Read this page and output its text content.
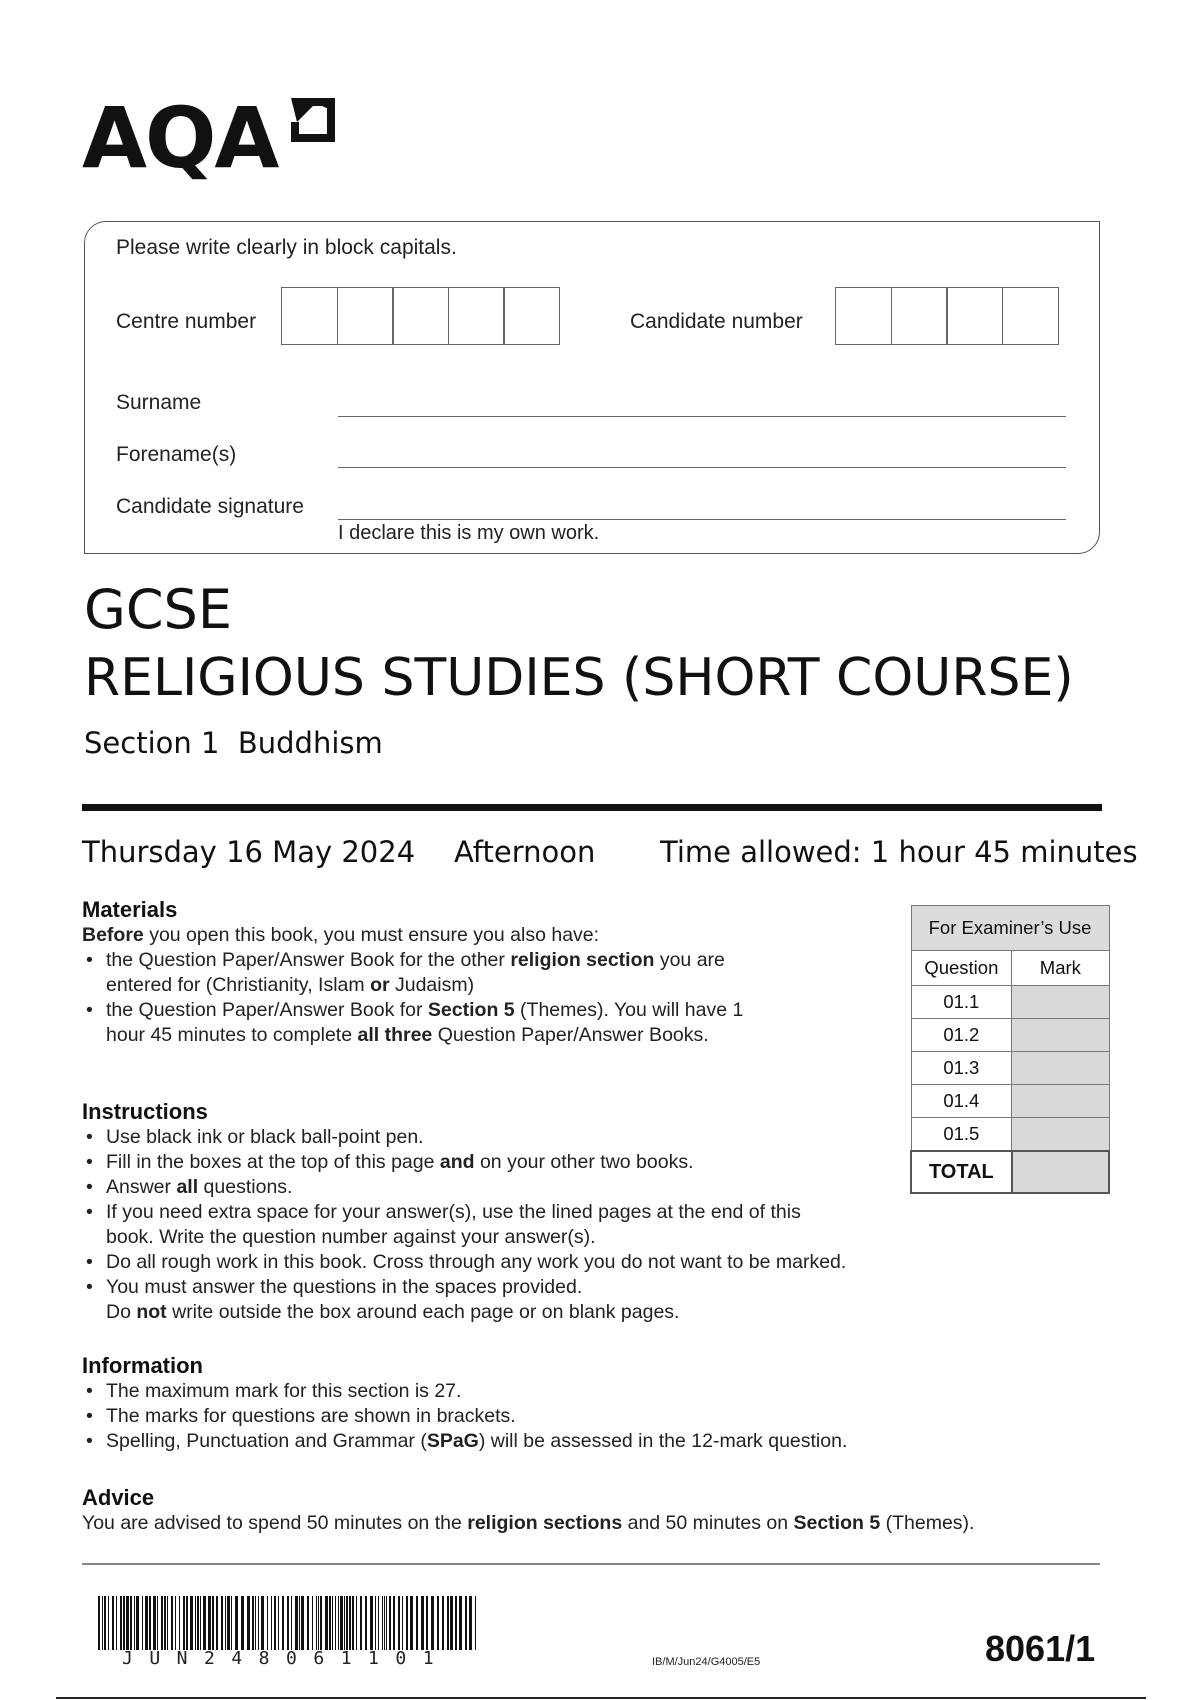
AQA
Please write clearly in block capitals.
Centre number	Candidate number
Surname
Forename(s)
Candidate signature
I declare this is my own work.
GCSE
RELIGIOUS STUDIES (SHORT COURSE)
Section 1  Buddhism
Thursday 16 May 2024 Afternoon Time allowed: 1 hour 45 minutes
Materials
Before you open this book, you must ensure you also have:
• the Question Paper/Answer Book for the other religion section you are entered for (Christianity, Islam or Judaism)
• the Question Paper/Answer Book for Section 5 (Themes). You will have 1 hour 45 minutes to complete all three Question Paper/Answer Books.
Instructions
• Use black ink or black ball-point pen.
• Fill in the boxes at the top of this page and on your other two books.
• Answer all questions.
• If you need extra space for your answer(s), use the lined pages at the end of this book. Write the question number against your answer(s).
• Do all rough work in this book. Cross through any work you do not want to be marked.
• You must answer the questions in the spaces provided.
Do not write outside the box around each page or on blank pages.
Information
• The maximum mark for this section is 27.
• The marks for questions are shown in brackets.
• Spelling, Punctuation and Grammar (SPaG) will be assessed in the 12-mark question.
Advice
You are advised to spend 50 minutes on the religion sections and 50 minutes on Section 5 (Themes).
For Examiner’s Use	
Question	Mark
01.1	
01.2	
01.3	
01.4	
01.5	
TOTAL	
JUN248061101	IB/M/Jun24/G4005/E5	8061/1
